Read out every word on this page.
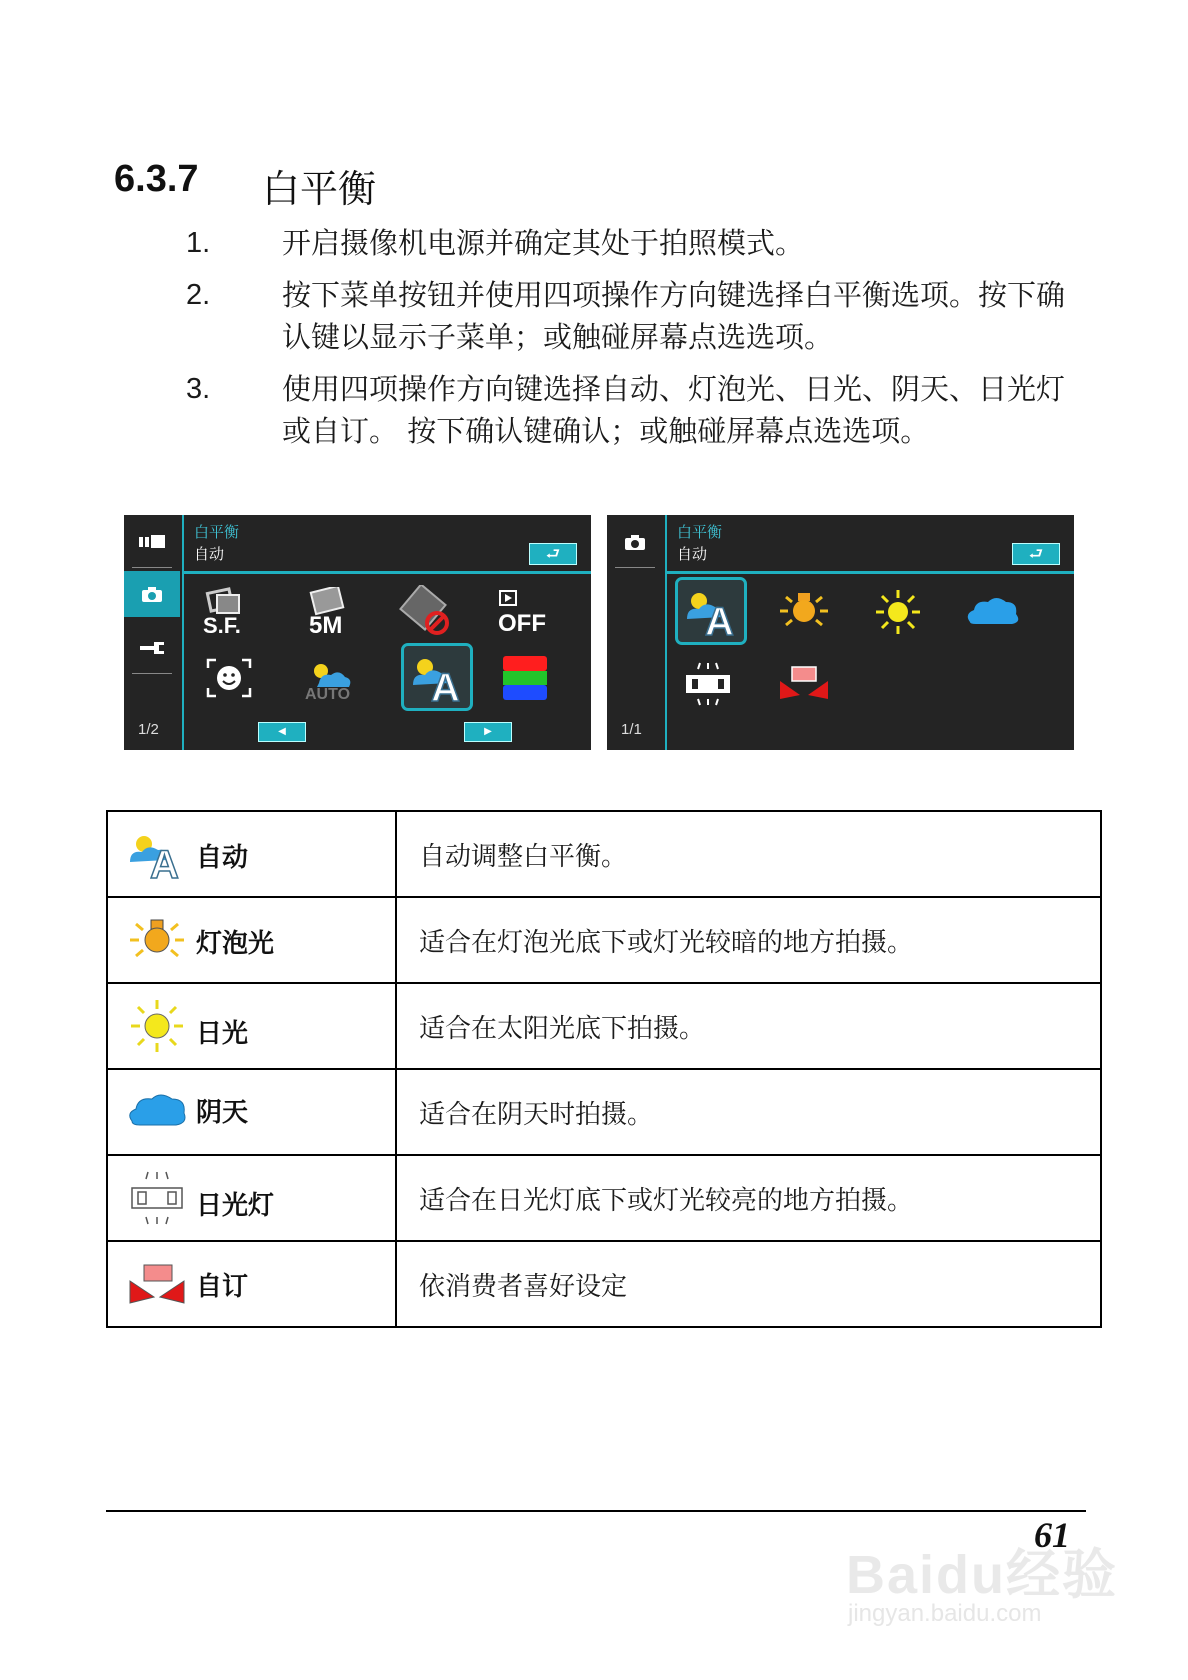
6.3.7 白平衡
1. 开启摄像机电源并确定其处于拍照模式。
2. 按下菜单按钮并使用四项操作方向键选择白平衡选项。按下确认键以显示子菜单；或触碰屏幕点选选项。
3. 使用四项操作方向键选择自动、灯泡光、日光、阴天、日光灯或自订。 按下确认键确认；或触碰屏幕点选选项。
1/2
白平衡
自动	⮐
S.F.	5M	OFF
AUTO A
◀	▶	1/1
白平衡
自动	⮐
A
A 自动	自动调整白平衡。

灯泡光	适合在灯泡光底下或灯光较暗的地方拍摄。

日光	适合在太阳光底下拍摄。

阴天	适合在阴天时拍摄。

日光灯	适合在日光灯底下或灯光较亮的地方拍摄。

自订	依消费者喜好设定
61
Baidu经验
jingyan.baidu.com
